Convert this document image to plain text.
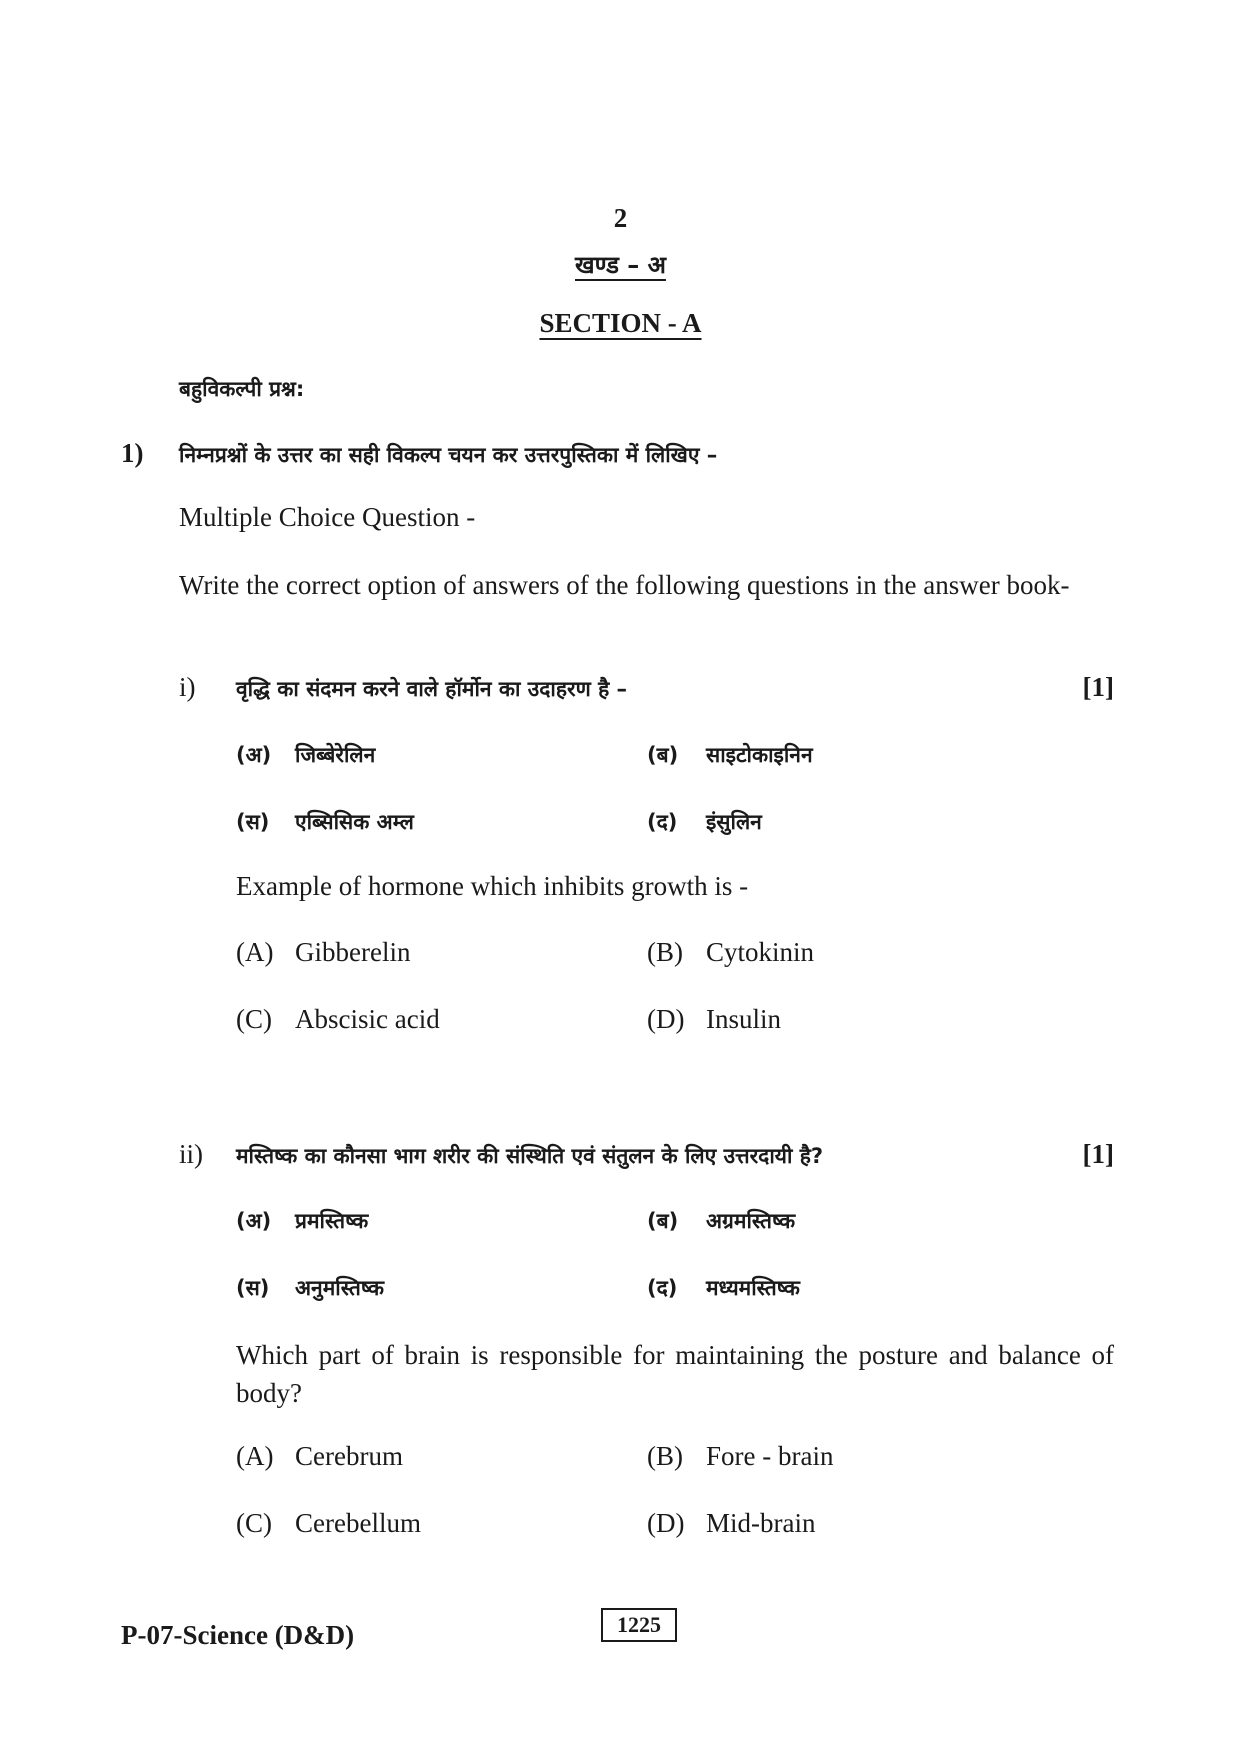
2
खण्ड – अ
SECTION - A
बहुविकल्पी प्रश्न:
1) निम्नप्रश्नों के उत्तर का सही विकल्प चयन कर उत्तरपुस्तिका में लिखिए –
Multiple Choice Question -
Write the correct option of answers of the following questions in the answer book-
i) वृद्धि का संदमन करने वाले हॉर्मोन का उदाहरण है –	[1]
(अ) जिब्बेरेलिन	(ब) साइटोकाइनिन
(स) एब्सिसिक अम्ल	(द) इंसुलिन
Example of hormone which inhibits growth is -
(A) Gibberelin	(B) Cytokinin
(C) Abscisic acid	(D) Insulin
ii) मस्तिष्क का कौनसा भाग शरीर की संस्थिति एवं संतुलन के लिए उत्तरदायी है?	[1]
(अ) प्रमस्तिष्क	(ब) अग्रमस्तिष्क
(स) अनुमस्तिष्क	(द) मध्यमस्तिष्क
Which part of brain is responsible for maintaining the posture and balance of body?
(A) Cerebrum	(B) Fore - brain
(C) Cerebellum	(D) Mid-brain
P-07-Science (D&D)	1225
